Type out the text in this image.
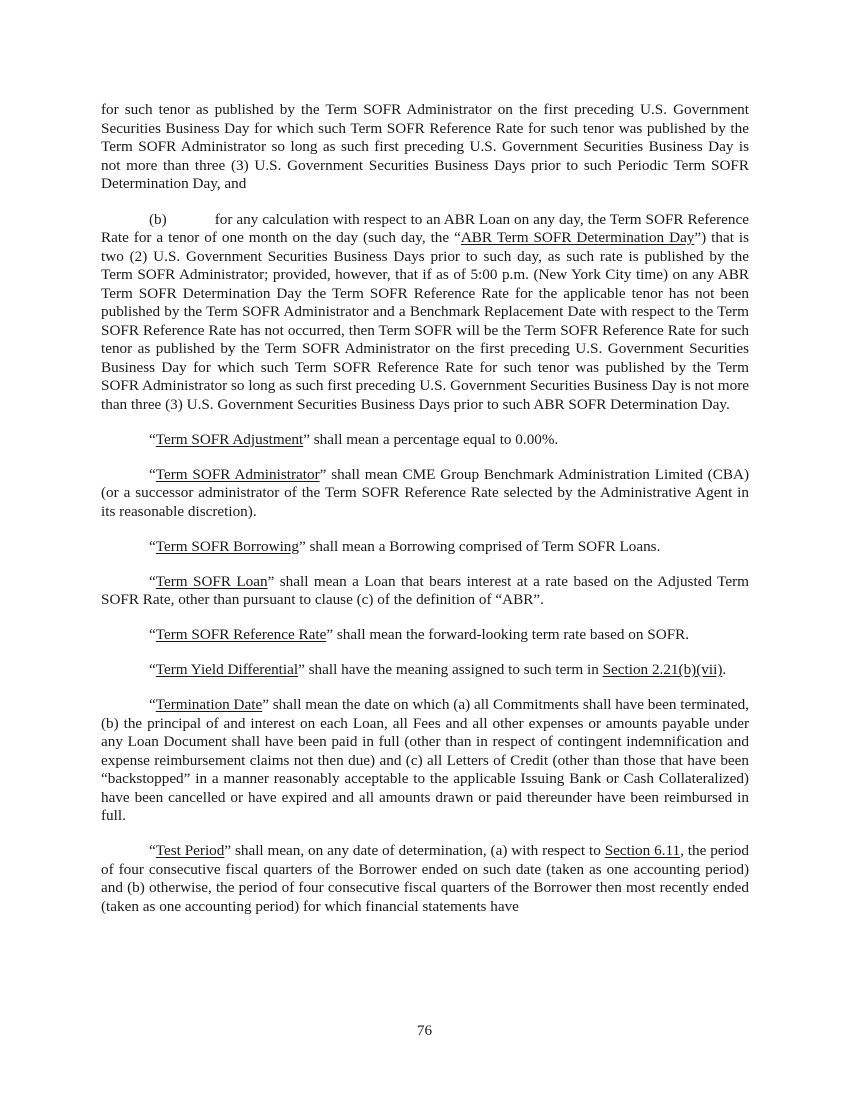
for such tenor as published by the Term SOFR Administrator on the first preceding U.S. Government Securities Business Day for which such Term SOFR Reference Rate for such tenor was published by the Term SOFR Administrator so long as such first preceding U.S. Government Securities Business Day is not more than three (3) U.S. Government Securities Business Days prior to such Periodic Term SOFR Determination Day, and

(b)	for any calculation with respect to an ABR Loan on any day, the Term SOFR Reference Rate for a tenor of one month on the day (such day, the “ABR Term SOFR Determination Day”) that is two (2) U.S. Government Securities Business Days prior to such day, as such rate is published by the Term SOFR Administrator; provided, however, that if as of 5:00 p.m. (New York City time) on any ABR Term SOFR Determination Day the Term SOFR Reference Rate for the applicable tenor has not been published by the Term SOFR Administrator and a Benchmark Replacement Date with respect to the Term SOFR Reference Rate has not occurred, then Term SOFR will be the Term SOFR Reference Rate for such tenor as published by the Term SOFR Administrator on the first preceding U.S. Government Securities Business Day for which such Term SOFR Reference Rate for such tenor was published by the Term SOFR Administrator so long as such first preceding U.S. Government Securities Business Day is not more than three (3) U.S. Government Securities Business Days prior to such ABR SOFR Determination Day.

“Term SOFR Adjustment” shall mean a percentage equal to 0.00%.

“Term SOFR Administrator” shall mean CME Group Benchmark Administration Limited (CBA) (or a successor administrator of the Term SOFR Reference Rate selected by the Administrative Agent in its reasonable discretion).

“Term SOFR Borrowing” shall mean a Borrowing comprised of Term SOFR Loans.

“Term SOFR Loan” shall mean a Loan that bears interest at a rate based on the Adjusted Term SOFR Rate, other than pursuant to clause (c) of the definition of “ABR”.

“Term SOFR Reference Rate” shall mean the forward-looking term rate based on SOFR.

“Term Yield Differential” shall have the meaning assigned to such term in Section 2.21(b)(vii).

“Termination Date” shall mean the date on which (a) all Commitments shall have been terminated, (b) the principal of and interest on each Loan, all Fees and all other expenses or amounts payable under any Loan Document shall have been paid in full (other than in respect of contingent indemnification and expense reimbursement claims not then due) and (c) all Letters of Credit (other than those that have been “backstopped” in a manner reasonably acceptable to the applicable Issuing Bank or Cash Collateralized) have been cancelled or have expired and all amounts drawn or paid thereunder have been reimbursed in full.

“Test Period” shall mean, on any date of determination, (a) with respect to Section 6.11, the period of four consecutive fiscal quarters of the Borrower ended on such date (taken as one accounting period) and (b) otherwise, the period of four consecutive fiscal quarters of the Borrower then most recently ended (taken as one accounting period) for which financial statements have

76
